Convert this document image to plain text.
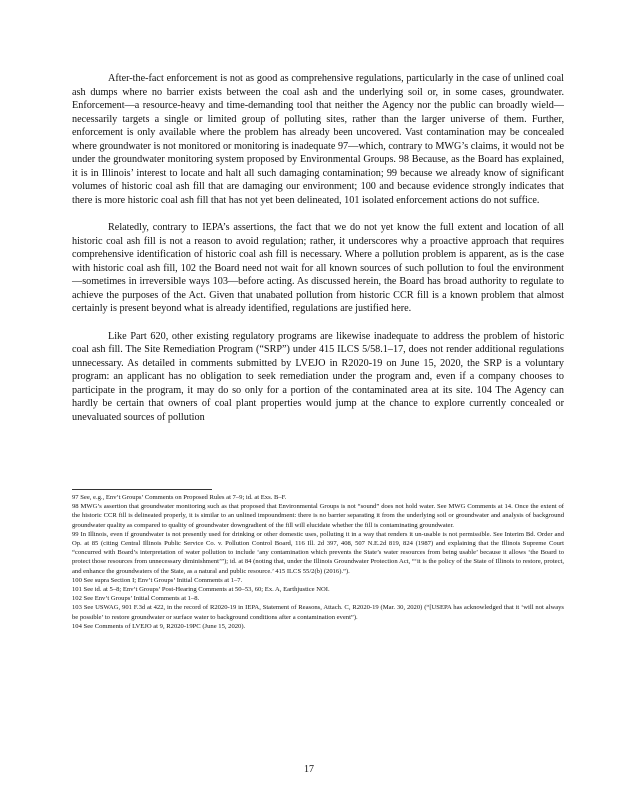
After-the-fact enforcement is not as good as comprehensive regulations, particularly in the case of unlined coal ash dumps where no barrier exists between the coal ash and the underlying soil or, in some cases, groundwater. Enforcement—a resource-heavy and time-demanding tool that neither the Agency nor the public can broadly wield—necessarily targets a single or limited group of polluting sites, rather than the larger universe of them. Further, enforcement is only available where the problem has already been uncovered. Vast contamination may be concealed where groundwater is not monitored or monitoring is inadequate 97—which, contrary to MWG’s claims, it would not be under the groundwater monitoring system proposed by Environmental Groups. 98 Because, as the Board has explained, it is in Illinois’ interest to locate and halt all such damaging contamination; 99 because we already know of significant volumes of historic coal ash fill that are damaging our environment; 100 and because evidence strongly indicates that there is more historic coal ash fill that has not yet been delineated, 101 isolated enforcement actions do not suffice.

Relatedly, contrary to IEPA’s assertions, the fact that we do not yet know the full extent and location of all historic coal ash fill is not a reason to avoid regulation; rather, it underscores why a proactive approach that requires comprehensive identification of historic coal ash fill is necessary. Where a pollution problem is apparent, as is the case with historic coal ash fill, 102 the Board need not wait for all known sources of such pollution to foul the environment—sometimes in irreversible ways 103—before acting. As discussed herein, the Board has broad authority to regulate to achieve the purposes of the Act. Given that unabated pollution from historic CCR fill is a known problem that almost certainly is present beyond what is already identified, regulations are justified here.

Like Part 620, other existing regulatory programs are likewise inadequate to address the problem of historic coal ash fill. The Site Remediation Program (“SRP”) under 415 ILCS 5/58.1–17, does not render additional regulations unnecessary. As detailed in comments submitted by LVEJO in R2020-19 on June 15, 2020, the SRP is a voluntary program: an applicant has no obligation to seek remediation under the program and, even if a company chooses to participate in the program, it may do so only for a portion of the contaminated area at its site. 104 The Agency can hardly be certain that owners of coal plant properties would jump at the chance to explore currently concealed or unevaluated sources of pollution

97 See, e.g., Env’t Groups’ Comments on Proposed Rules at 7–9; id. at Exs. B–F.

98 MWG’s assertion that groundwater monitoring such as that proposed that Environmental Groups is not “sound” does not hold water. See MWG Comments at 14. Once the extent of the historic CCR fill is delineated properly, it is similar to an unlined impoundment: there is no barrier separating it from the underlying soil or groundwater and analysis of background groundwater quality as compared to quality of groundwater downgradient of the fill will elucidate whether the fill is contaminating groundwater.

99 In Illinois, even if groundwater is not presently used for drinking or other domestic uses, polluting it in a way that renders it un-usable is not permissible. See Interim Bd. Order and Op. at 85 (citing Central Illinois Public Service Co. v. Pollution Control Board, 116 Ill. 2d 397, 408, 507 N.E.2d 819, 824 (1987) and explaining that the Illinois Supreme Court “concurred with Board’s interpretation of water pollution to include ‘any contamination which prevents the State’s water resources from being usable’ because it allows ‘the Board to protect those resources from unnecessary diminishment’”); id. at 84 (noting that, under the Illinois Groundwater Protection Act, “‘it is the policy of the State of Illinois to restore, protect, and enhance the groundwaters of the State, as a natural and public resource.’ 415 ILCS 55/2(b) (2016).”).

100 See supra Section I; Env’t Groups’ Initial Comments at 1–7.

101 See id. at 5–8; Env’t Groups’ Post-Hearing Comments at 50–53, 60; Ex. A, Earthjustice NOI.

102 See Env’t Groups’ Initial Comments at 1–8.

103 See USWAG, 901 F.3d at 422, in the record of R2020-19 in IEPA, Statement of Reasons, Attach. C, R2020-19 (Mar. 30, 2020) (“[USEPA has acknowledged that it ‘will not always be possible’ to restore groundwater or surface water to background conditions after a contamination event”).

104 See Comments of LVEJO at 9, R2020-19PC (June 15, 2020).

17
